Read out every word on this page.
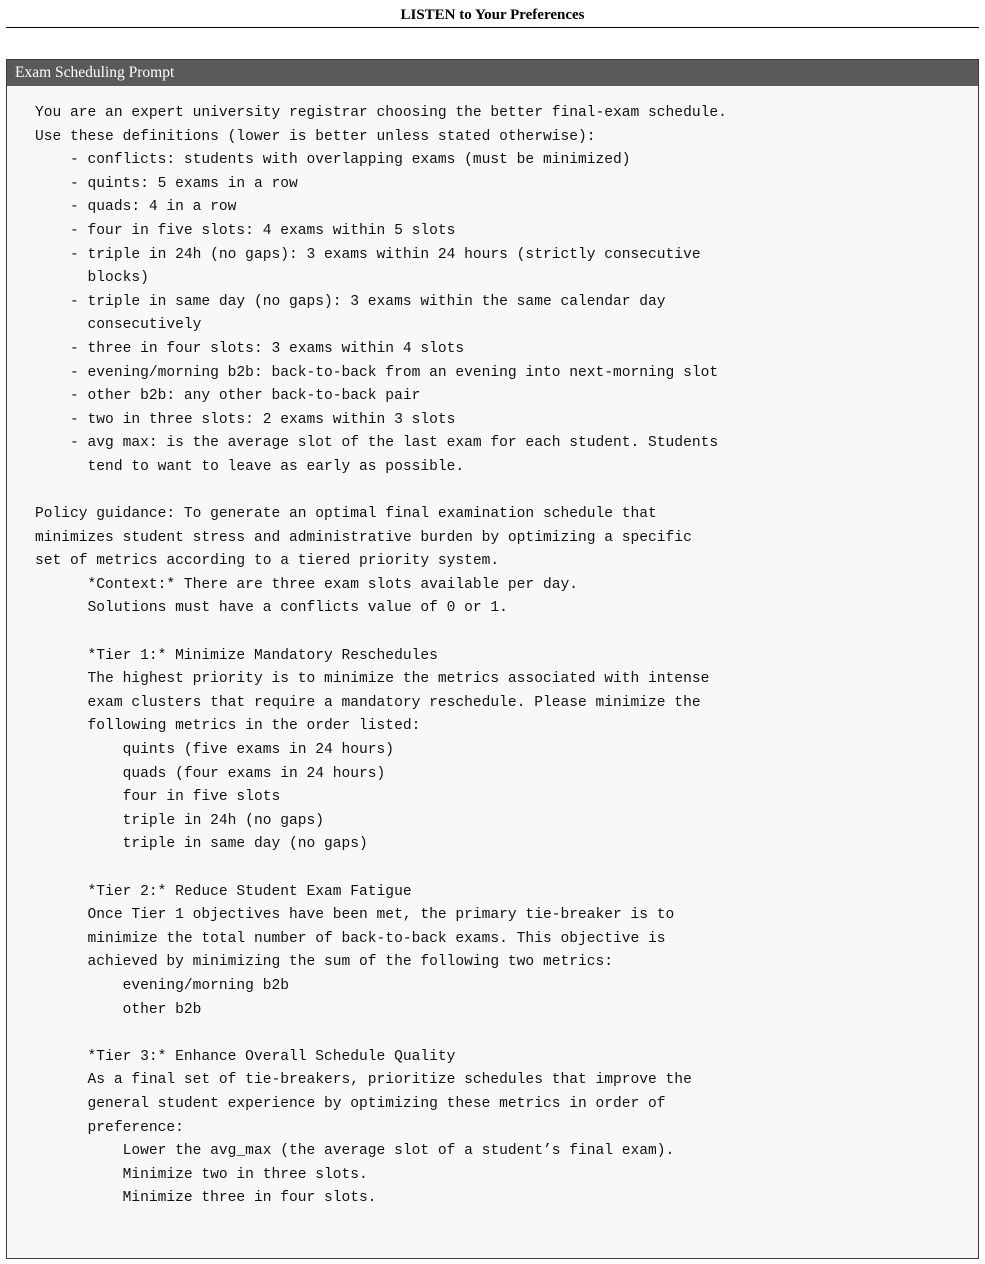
LISTEN to Your Preferences
Exam Scheduling Prompt
You are an expert university registrar choosing the better final-exam schedule.
Use these definitions (lower is better unless stated otherwise):
- conflicts: students with overlapping exams (must be minimized)
- quints: 5 exams in a row
- quads: 4 in a row
- four in five slots: 4 exams within 5 slots
- triple in 24h (no gaps): 3 exams within 24 hours (strictly consecutive
blocks)
- triple in same day (no gaps): 3 exams within the same calendar day
consecutively
- three in four slots: 3 exams within 4 slots
- evening/morning b2b: back-to-back from an evening into next-morning slot
- other b2b: any other back-to-back pair
- two in three slots: 2 exams within 3 slots
- avg max: is the average slot of the last exam for each student. Students
tend to want to leave as early as possible.

Policy guidance: To generate an optimal final examination schedule that
minimizes student stress and administrative burden by optimizing a specific
set of metrics according to a tiered priority system.
*Context:* There are three exam slots available per day.
Solutions must have a conflicts value of 0 or 1.

*Tier 1:* Minimize Mandatory Reschedules
The highest priority is to minimize the metrics associated with intense
exam clusters that require a mandatory reschedule. Please minimize the
following metrics in the order listed:
quints (five exams in 24 hours)
quads (four exams in 24 hours)
four in five slots
triple in 24h (no gaps)
triple in same day (no gaps)

*Tier 2:* Reduce Student Exam Fatigue
Once Tier 1 objectives have been met, the primary tie-breaker is to
minimize the total number of back-to-back exams. This objective is
achieved by minimizing the sum of the following two metrics:
evening/morning b2b
other b2b

*Tier 3:* Enhance Overall Schedule Quality
As a final set of tie-breakers, prioritize schedules that improve the
general student experience by optimizing these metrics in order of
preference:
Lower the avg_max (the average slot of a student’s final exam).
Minimize two in three slots.
Minimize three in four slots.
